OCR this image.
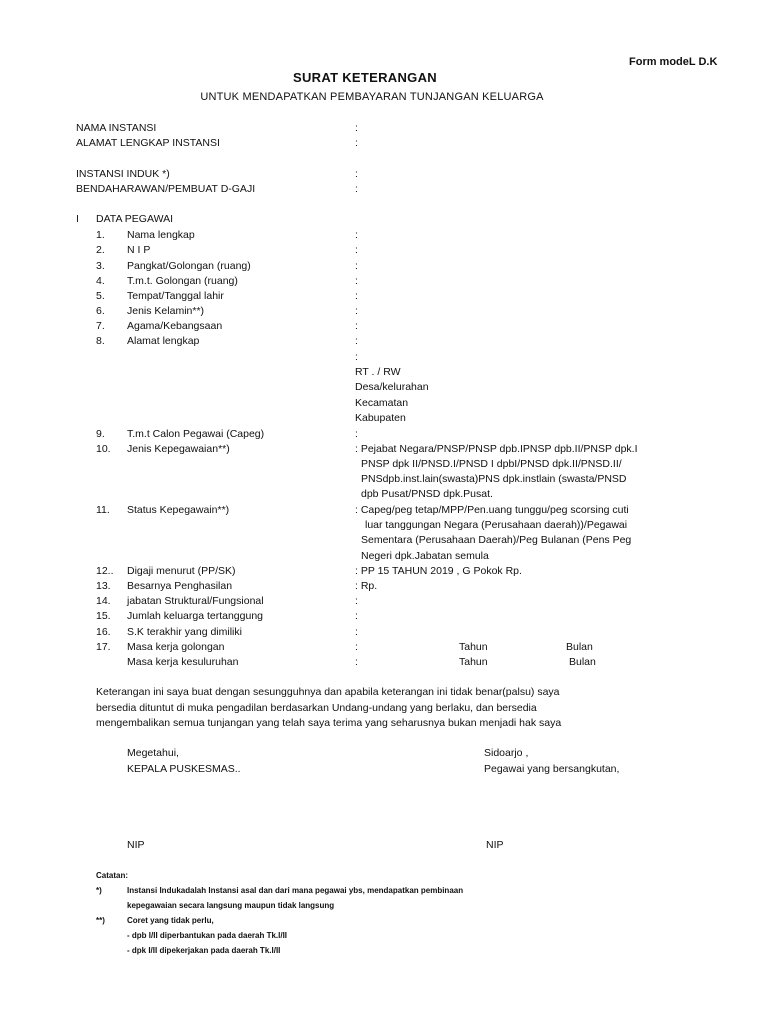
Form modeL D.K
SURAT KETERANGAN
UNTUK MENDAPATKAN PEMBAYARAN TUNJANGAN KELUARGA
NAMA INSTANSI	:
ALAMAT LENGKAP INSTANSI	:
INSTANSI INDUK *)	:
BENDAHARAWAN/PEMBUAT D-GAJI	:
I DATA PEGAWAI
1. Nama lengkap	:
2. N I P	:
3. Pangkat/Golongan (ruang)	:
4. T.m.t. Golongan (ruang)	:
5. Tempat/Tanggal lahir	:
6. Jenis Kelamin**)	:
7. Agama/Kebangsaan	:
8. Alamat lengkap	:
:
RT . / RW
Desa/kelurahan
Kecamatan
Kabupaten
9. T.m.t Calon Pegawai (Capeg)	:
10. Jenis Kepegawaian**)	: Pejabat Negara/PNSP/PNSP dpb.IPNSP dpb.II/PNSP dpk.I
PNSP dpk II/PNSD.I/PNSD I dpbI/PNSD dpk.II/PNSD.II/
PNSdpb.inst.lain(swasta)PNS dpk.instlain (swasta/PNSD
dpb Pusat/PNSD dpk.Pusat.
11. Status Kepegawain**)	: Capeg/peg tetap/MPP/Pen.uang tunggu/peg scorsing cuti
luar tanggungan Negara (Perusahaan daerah))/Pegawai
Sementara (Perusahaan Daerah)/Peg Bulanan (Pens Peg
Negeri dpk.Jabatan semula
12.. Digaji menurut (PP/SK)	: PP 15 TAHUN 2019 , G Pokok Rp.
13. Besarnya Penghasilan	: Rp.
14. jabatan Struktural/Fungsional	:
15. Jumlah keluarga tertanggung	:
16. S.K terakhir yang dimiliki	:
17. Masa kerja golongan	:	Tahun	Bulan
Masa kerja kesuluruhan	:	Tahun	Bulan
Keterangan ini saya buat dengan sesungguhnya dan apabila keterangan ini tidak benar(palsu) saya
bersedia dituntut di muka pengadilan berdasarkan Undang-undang yang berlaku, dan bersedia
mengembalikan semua tunjangan yang telah saya terima yang seharusnya bukan menjadi hak saya
Megetahui,
KEPALA PUSKESMAS..
Sidoarjo ,
Pegawai yang bersangkutan,
NIP	NIP
Catatan:
*)	Instansi Indukadalah Instansi asal dan dari mana pegawai ybs, mendapatkan pembinaan
kepegawaian secara langsung maupun tidak langsung
**)	Coret yang tidak perlu,
- dpb I/II diperbantukan pada daerah Tk.I/II
- dpk I/II dipekerjakan pada daerah Tk.I/II
